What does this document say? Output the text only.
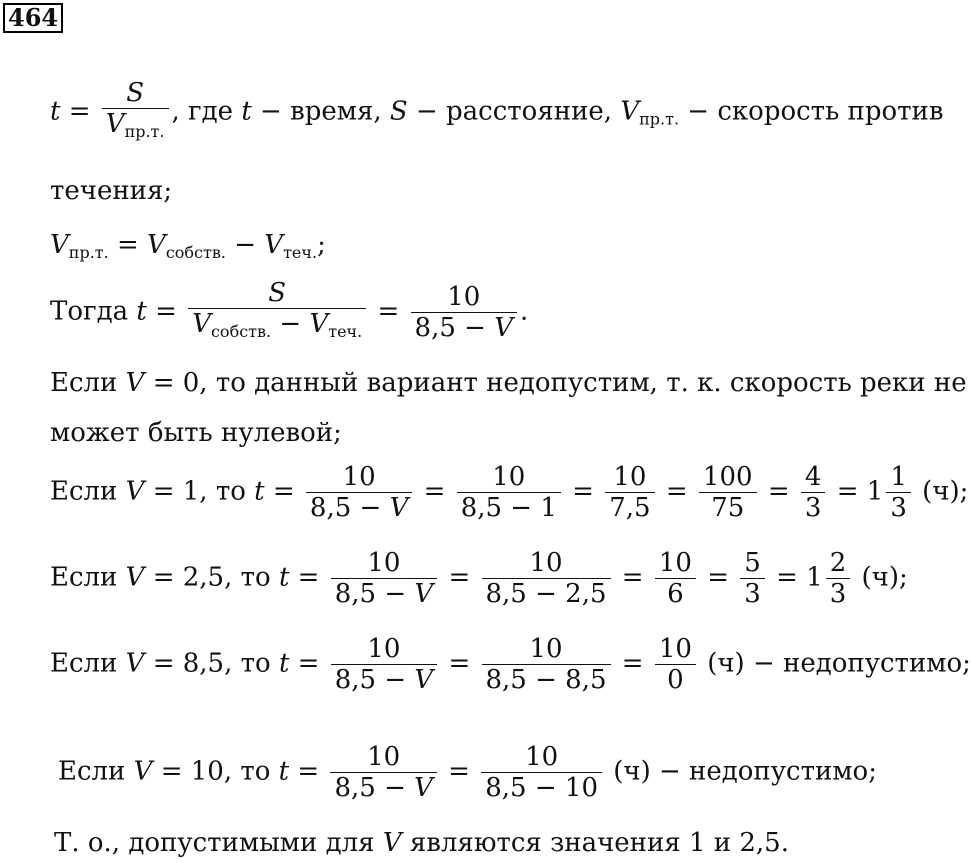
464
$t = \frac{S}{V_{пр.т.}}$ , где t − время, S − расстояние, $V_{пр.т.}$ − скорость против
течения;
$V_{пр.т.} = V_{собств.} - V_{теч.}$;
Тогда $t = \frac{S}{V_{собств.} - V_{теч.}} = \frac{10}{8,5 - V}$ .
Если V = 0, то данный вариант недопустим, т. к. скорость реки не
может быть нулевой;
Если V = 1, то $t = \frac{10}{8,5 - V} = \frac{10}{8,5 - 1} = \frac{10}{7,5} = \frac{100}{75} = \frac{4}{3} = 1 \frac{1}{3} (ч)$;
Если V = 2,5, то $t = \frac{10}{8,5 - V} = \frac{10}{8,5 - 2,5} = \frac{10}{6} = \frac{5}{3} = 1 \frac{2}{3} (ч)$;
Если V = 8,5, то $t = \frac{10}{8,5 - V} = \frac{10}{8,5 - 8,5} = \frac{10}{0} (ч)$ − недопустимо;
Если V = 10, то $t = \frac{10}{8,5 - V} = \frac{10}{8,5 - 10} (ч)$ − недопустимо;
Т. о., допустимыми для V являются значения 1 и 2,5.
